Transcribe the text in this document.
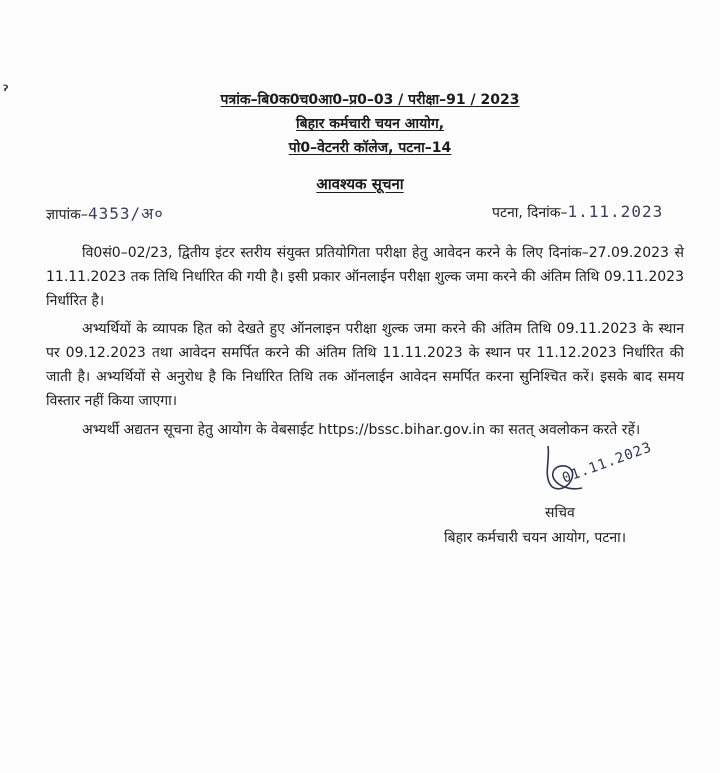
ˀ	पत्रांक–बि0क0च0आ0–प्र0–03 / परीक्षा–91 / 2023
बिहार कर्मचारी चयन आयोग,
पो0–वेटनरी कॉलेज, पटना–14
आवश्यक सूचना
ज्ञापांक–4353/अ०	पटना, दिनांक–1.11.2023
वि0सं0–02/23, द्वितीय इंटर स्तरीय संयुक्त प्रतियोगिता परीक्षा हेतु आवेदन करने के लिए दिनांक–27.09.2023 से 11.11.2023 तक तिथि निर्धारित की गयी है। इसी प्रकार ऑनलाईन परीक्षा शुल्क जमा करने की अंतिम तिथि 09.11.2023 निर्धारित है।
अभ्यर्थियों के व्यापक हित को देखते हुए ऑनलाइन परीक्षा शुल्क जमा करने की अंतिम तिथि 09.11.2023 के स्थान पर 09.12.2023 तथा आवेदन समर्पित करने की अंतिम तिथि 11.11.2023 के स्थान पर 11.12.2023 निर्धारित की जाती है। अभ्यर्थियों से अनुरोध है कि निर्धारित तिथि तक ऑनलाईन आवेदन समर्पित करना सुनिश्चित करें। इसके बाद समय विस्तार नहीं किया जाएगा।
अभ्यर्थी अद्यतन सूचना हेतु आयोग के वेबसाईट https://bssc.bihar.gov.in का सतत् अवलोकन करते रहें।
01.11.2023
सचिव
बिहार कर्मचारी चयन आयोग, पटना।
